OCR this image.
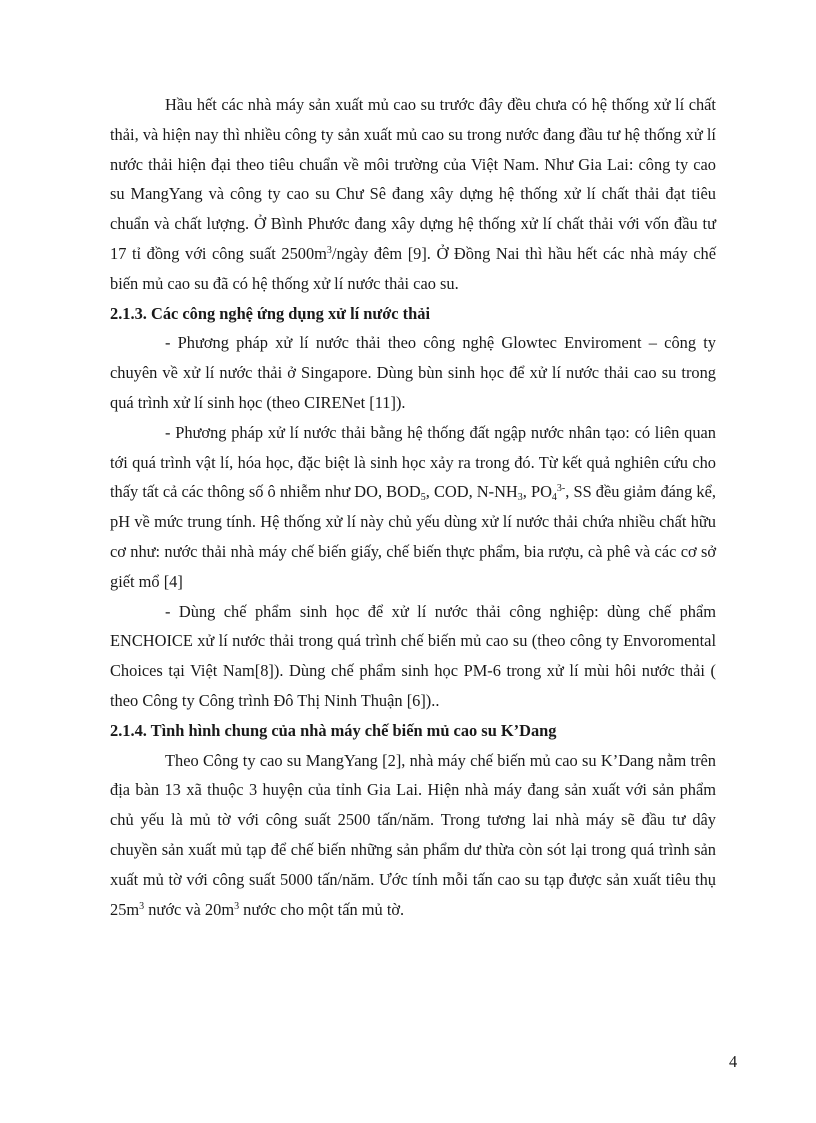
Hầu hết các nhà máy sản xuất mủ cao su trước đây đều chưa có hệ thống xử lí chất thải, và hiện nay thì nhiều công ty sản xuất mủ cao su trong nước đang đầu tư hệ thống xử lí nước thải hiện đại theo tiêu chuẩn về môi trường của Việt Nam. Như Gia Lai: công ty cao su MangYang và công ty cao su Chư Sê đang xây dựng hệ thống xử lí chất thải đạt tiêu chuẩn và chất lượng. Ở Bình Phước đang xây dựng hệ thống xử lí chất thải với vốn đầu tư 17 tỉ đồng với công suất $2500m^3$/ngày đêm [9]. Ở Đồng Nai thì hầu hết các nhà máy chế biến mủ cao su đã có hệ thống xử lí nước thải cao su.

2.1.3. Các công nghệ ứng dụng xử lí nước thải

- Phương pháp xử lí nước thải theo công nghệ Glowtec Enviroment – công ty chuyên về xử lí nước thải ở Singapore. Dùng bùn sinh học để xử lí nước thải cao su trong quá trình xử lí sinh học (theo CIRENet [11]).

- Phương pháp xử lí nước thải bằng hệ thống đất ngập nước nhân tạo: có liên quan tới quá trình vật lí, hóa học, đặc biệt là sinh học xảy ra trong đó. Từ kết quả nghiên cứu cho thấy tất cả các thông số ô nhiễm như DO, $BOD_5$, COD, $N-NH_3$, $PO_4^{3-}$, SS đều giảm đáng kể, pH về mức trung tính. Hệ thống xử lí này chủ yếu dùng xử lí nước thải chứa nhiều chất hữu cơ như: nước thải nhà máy chế biến giấy, chế biến thực phẩm, bia rượu, cà phê và các cơ sở giết mổ [4]

- Dùng chế phẩm sinh học để xử lí nước thải công nghiệp: dùng chế phẩm ENCHOICE xử lí nước thải trong quá trình chế biến mủ cao su (theo công ty Envoromental Choices tại Việt Nam[8]). Dùng chế phẩm sinh học PM-6 trong xử lí mùi hôi nước thải ( theo Công ty Công trình Đô Thị Ninh Thuận [6])..

2.1.4. Tình hình chung của nhà máy chế biến mủ cao su K’Dang

Theo Công ty cao su MangYang [2], nhà máy chế biến mủ cao su K’Dang nằm trên địa bàn 13 xã thuộc 3 huyện của tỉnh Gia Lai. Hiện nhà máy đang sản xuất với sản phẩm chủ yếu là mủ tờ với công suất 2500 tấn/năm. Trong tương lai nhà máy sẽ đầu tư dây chuyền sản xuất mủ tạp để chế biến những sản phẩm dư thừa còn sót lại trong quá trình sản xuất mủ tờ với công suất 5000 tấn/năm. Ước tính mỗi tấn cao su tạp được sản xuất tiêu thụ $25m^3$ nước và $20m^3$ nước cho một tấn mủ tờ.

4
